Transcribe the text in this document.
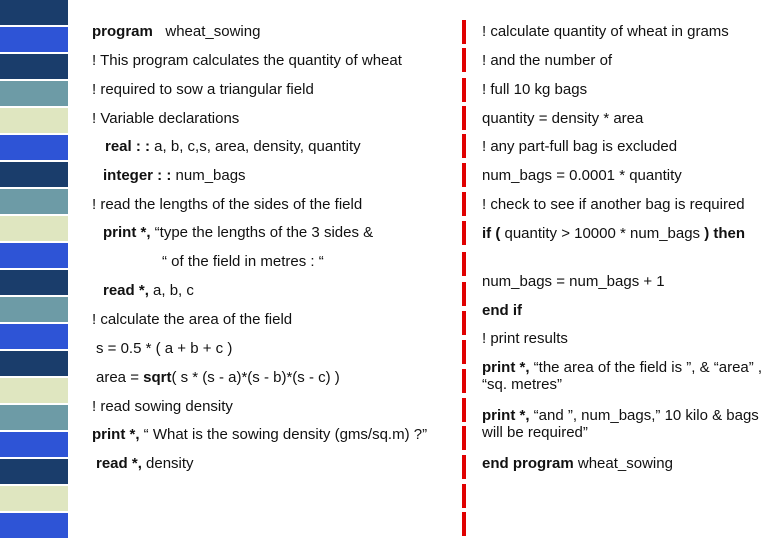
program wheat_sowing
! This program calculates the quantity of wheat
! required to sow a triangular field
! Variable declarations
real : : a, b, c,s, area, density, quantity
integer : : num_bags
! read the lengths of the sides of the field
print *, “type the lengths of the 3 sides &
“ of the field in metres : “
read *, a, b, c
! calculate the area of the field
s = 0.5 * ( a + b + c )
area = sqrt( s * (s - a)*(s - b)*(s - c) )
! read sowing density
print *, “ What is the sowing density (gms/sq.m) ?”
read *, density
! calculate quantity of wheat in grams
! and the number of
! full 10 kg bags
quantity = density * area
! any part-full bag is excluded
num_bags = 0.0001 * quantity
! check to see if another bag is required
if ( quantity > 10000 * num_bags ) then
num_bags = num_bags + 1
end if
! print results
print *, “the area of the field is ”, & “area” , “sq. metres”
print *, “and ”, num_bags,” 10 kilo & bags will be required”
end program wheat_sowing
